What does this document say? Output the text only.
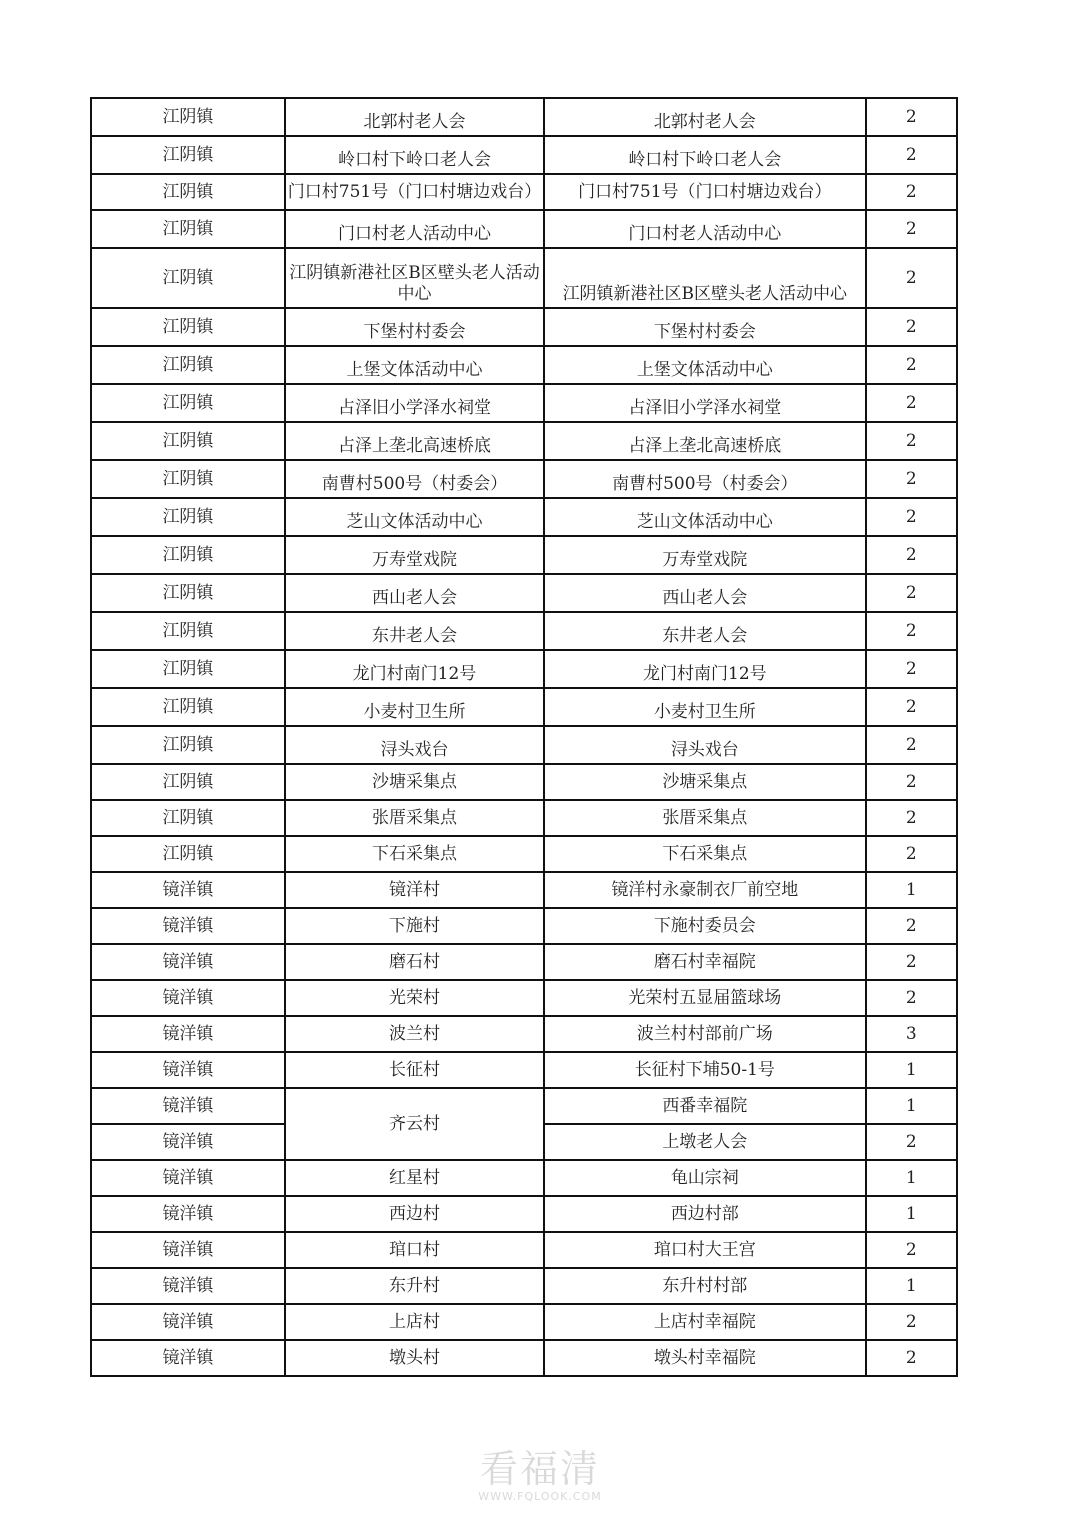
江阴镇	北郭村老人会	北郭村老人会	2
江阴镇	岭口村下岭口老人会	岭口村下岭口老人会	2
江阴镇	门口村751号（门口村塘边戏台）	门口村751号（门口村塘边戏台）	2
江阴镇	门口村老人活动中心	门口村老人活动中心	2
江阴镇	江阴镇新港社区B区壁头老人活动中心	江阴镇新港社区B区壁头老人活动中心	2
江阴镇	下堡村村委会	下堡村村委会	2
江阴镇	上堡文体活动中心	上堡文体活动中心	2
江阴镇	占泽旧小学泽水祠堂	占泽旧小学泽水祠堂	2
江阴镇	占泽上垄北高速桥底	占泽上垄北高速桥底	2
江阴镇	南曹村500号（村委会）	南曹村500号（村委会）	2
江阴镇	芝山文体活动中心	芝山文体活动中心	2
江阴镇	万寿堂戏院	万寿堂戏院	2
江阴镇	西山老人会	西山老人会	2
江阴镇	东井老人会	东井老人会	2
江阴镇	龙门村南门12号	龙门村南门12号	2
江阴镇	小麦村卫生所	小麦村卫生所	2
江阴镇	浔头戏台	浔头戏台	2
江阴镇	沙塘采集点	沙塘采集点	2
江阴镇	张厝采集点	张厝采集点	2
江阴镇	下石采集点	下石采集点	2
镜洋镇	镜洋村	镜洋村永豪制衣厂前空地	1
镜洋镇	下施村	下施村委员会	2
镜洋镇	磨石村	磨石村幸福院	2
镜洋镇	光荣村	光荣村五显届篮球场	2
镜洋镇	波兰村	波兰村村部前广场	3
镜洋镇	长征村	长征村下埔50-1号	1
镜洋镇	齐云村	西番幸福院	1
镜洋镇		上墩老人会	2
镜洋镇	红星村	龟山宗祠	1
镜洋镇	西边村	西边村部	1
镜洋镇	琯口村	琯口村大王宫	2
镜洋镇	东升村	东升村村部	1
镜洋镇	上店村	上店村幸福院	2
镜洋镇	墩头村	墩头村幸福院	2
看福清
WWW.FQLOOK.COM
